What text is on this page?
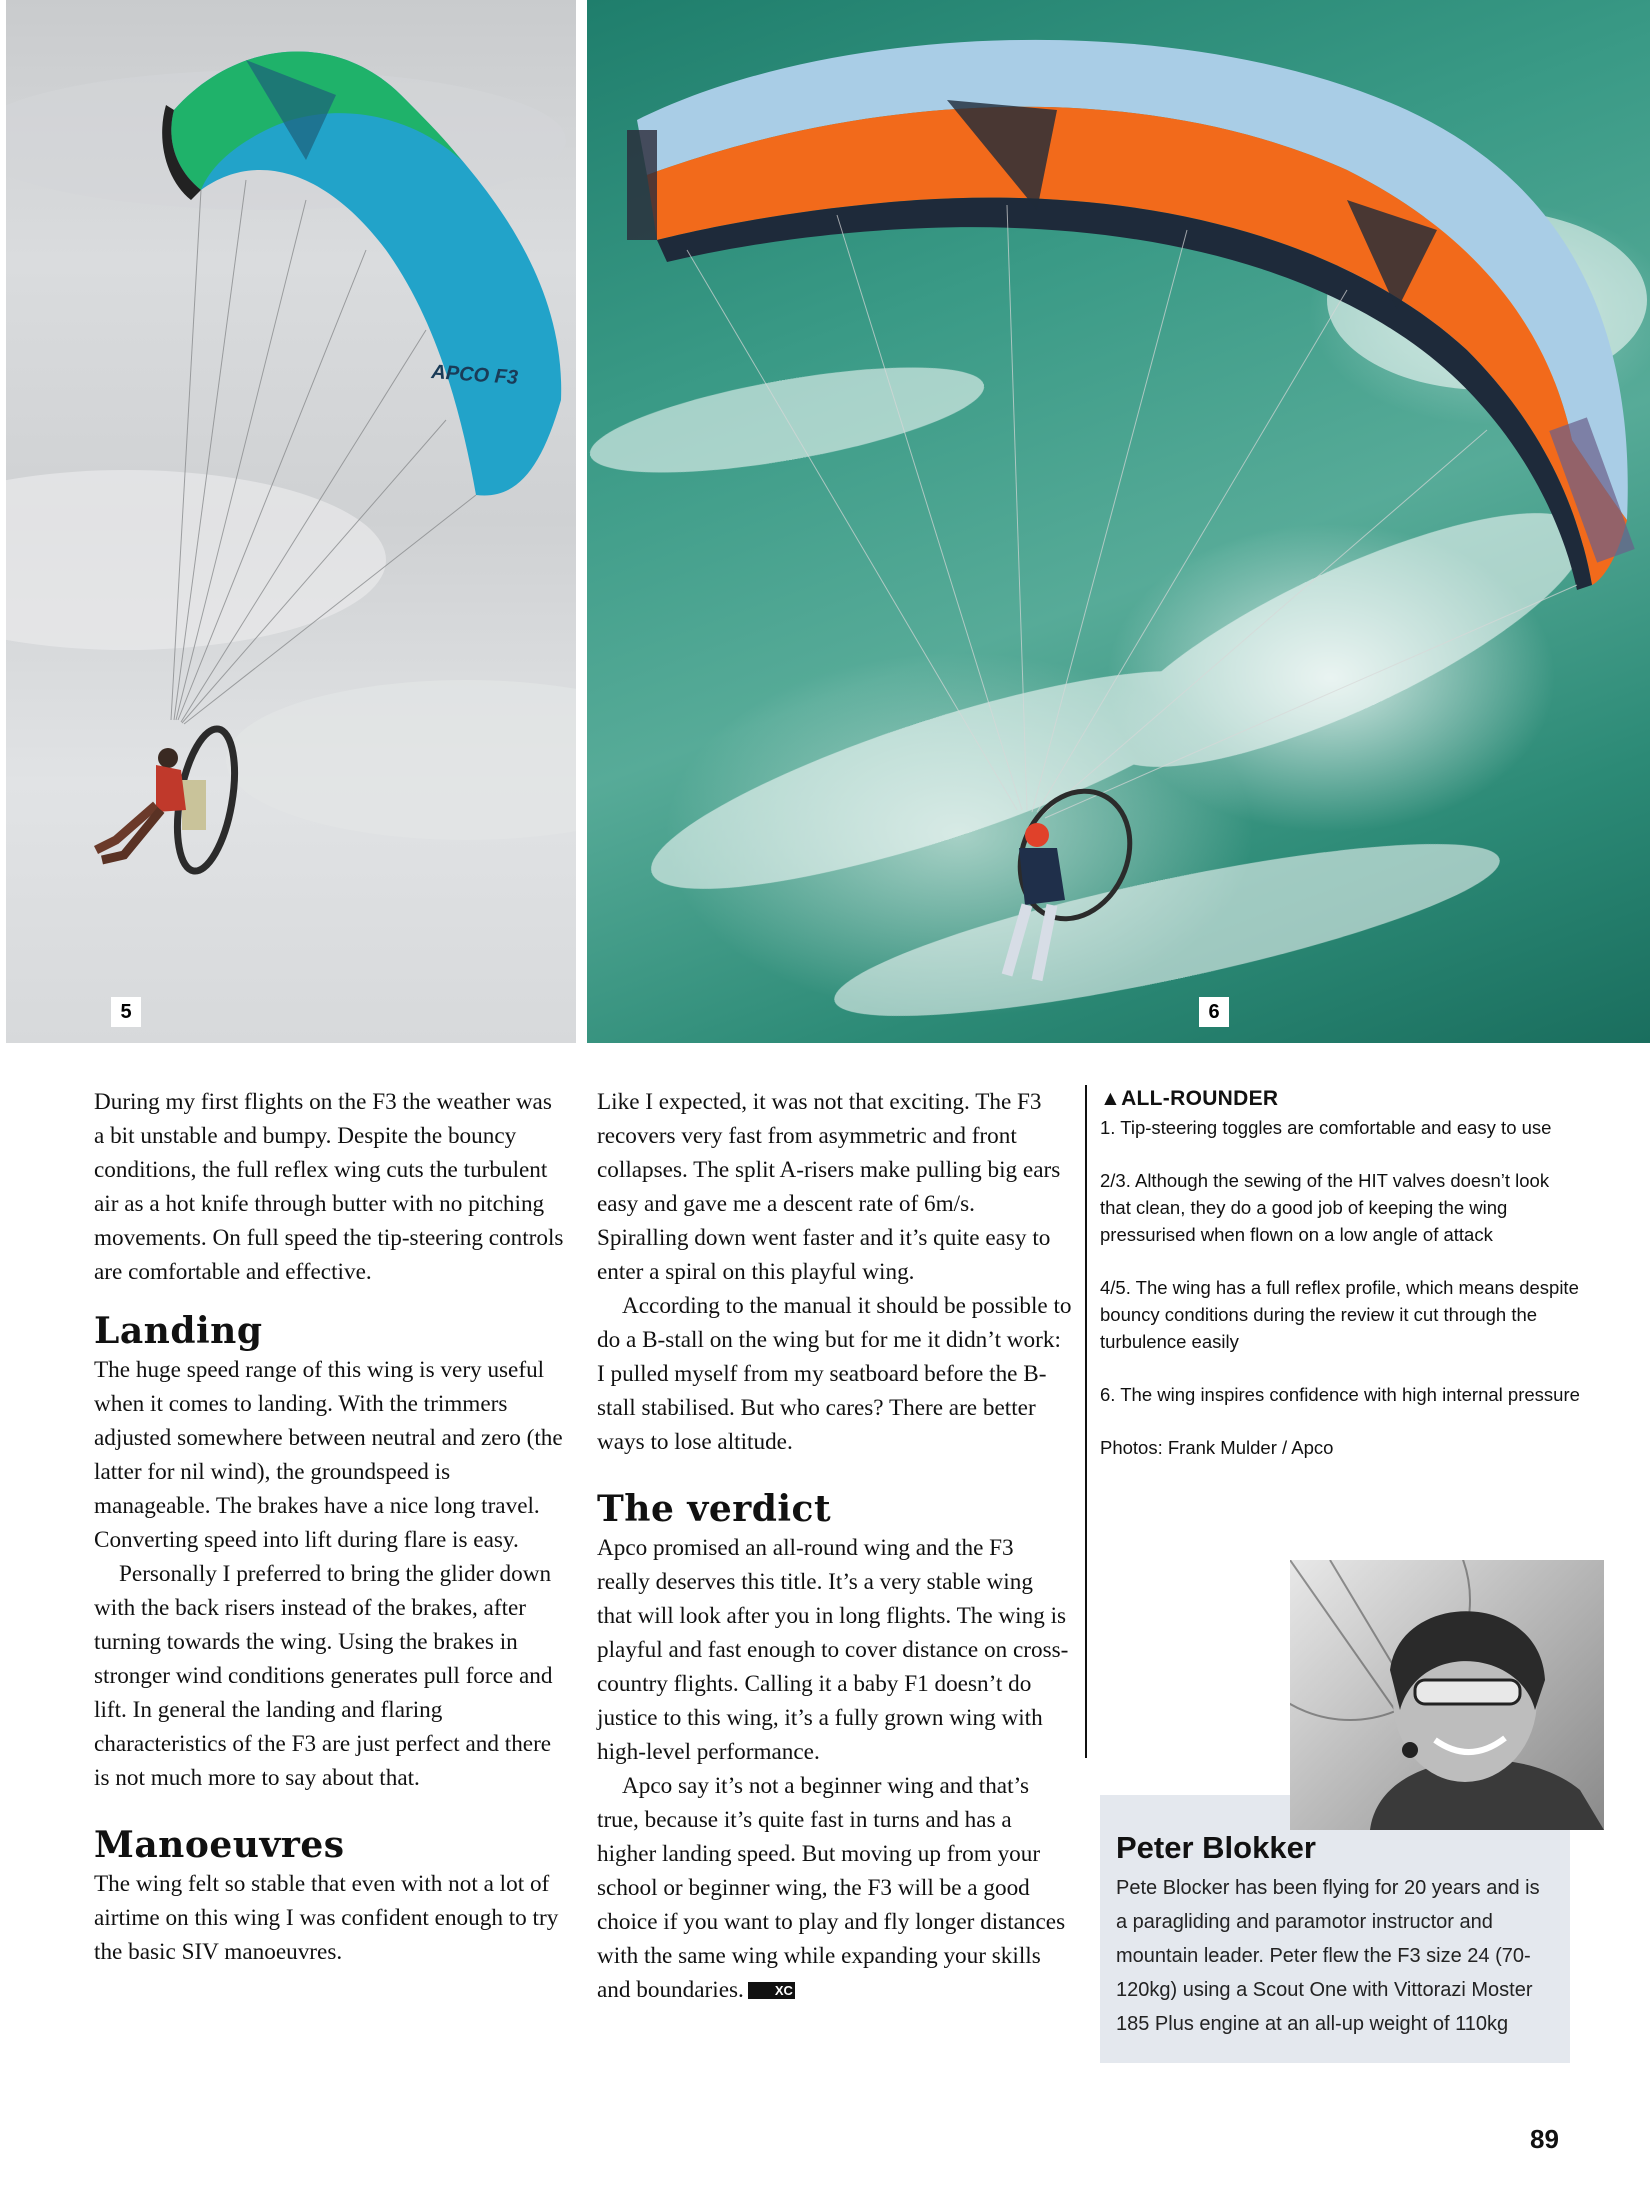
APCO F3
5	6

During my first flights on the F3 the weather was a bit unstable and bumpy. Despite the bouncy conditions, the full reflex wing cuts the turbulent air as a hot knife through butter with no pitching movements. On full speed the tip-steering controls are comfortable and effective.

Landing

The huge speed range of this wing is very useful when it comes to landing. With the trimmers adjusted somewhere between neutral and zero (the latter for nil wind), the groundspeed is manageable. The brakes have a nice long travel. Converting speed into lift during flare is easy.

Personally I preferred to bring the glider down with the back risers instead of the brakes, after turning towards the wing. Using the brakes in stronger wind conditions generates pull force and lift. In general the landing and flaring characteristics of the F3 are just perfect and there is not much more to say about that.

Manoeuvres

The wing felt so stable that even with not a lot of airtime on this wing I was confident enough to try the basic SIV manoeuvres.

Like I expected, it was not that exciting. The F3 recovers very fast from asymmetric and front collapses. The split A-risers make pulling big ears easy and gave me a descent rate of 6m/s. Spiralling down went faster and it’s quite easy to enter a spiral on this playful wing.

According to the manual it should be possible to do a B-stall on the wing but for me it didn’t work: I pulled myself from my seatboard before the B-stall stabilised. But who cares? There are better ways to lose altitude.

The verdict

Apco promised an all-round wing and the F3 really deserves this title. It’s a very stable wing that will look after you in long flights. The wing is playful and fast enough to cover distance on cross-country flights. Calling it a baby F1 doesn’t do justice to this wing, it’s a fully grown wing with high-level performance.

Apco say it’s not a beginner wing and that’s true, because it’s quite fast in turns and has a higher landing speed. But moving up from your school or beginner wing, the F3 will be a good choice if you want to play and fly longer distances with the same wing while expanding your skills and boundaries. XC

▲ALL-ROUNDER

1. Tip-steering toggles are comfortable and easy to use

2/3. Although the sewing of the HIT valves doesn’t look that clean, they do a good job of keeping the wing pressurised when flown on a low angle of attack

4/5. The wing has a full reflex profile, which means despite bouncy conditions during the review it cut through the turbulence easily

6. The wing inspires confidence with high internal pressure

Photos: Frank Mulder / Apco

Peter Blokker
Pete Blocker has been flying for 20 years and is a paragliding and paramotor instructor and mountain leader. Peter flew the F3 size 24 (70-120kg) using a Scout One with Vittorazi Moster 185 Plus engine at an all-up weight of 110kg
89
